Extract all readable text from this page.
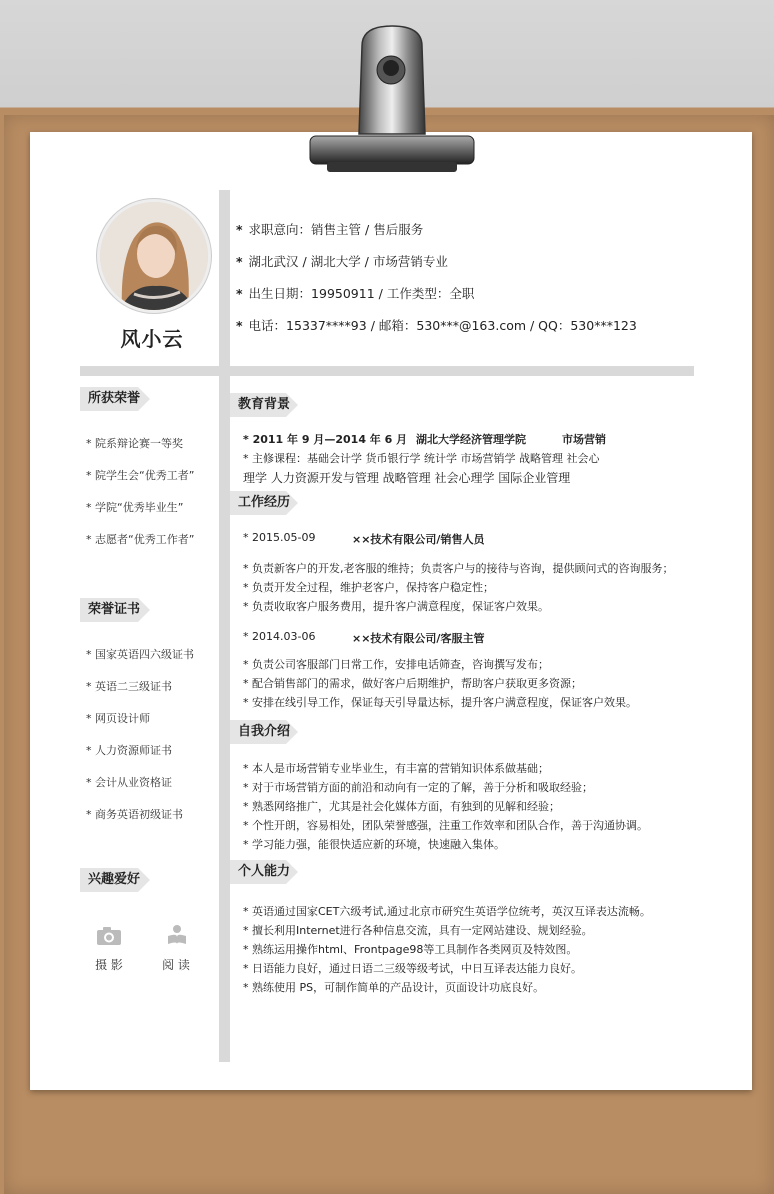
风小云
* 求职意向：销售主管 / 售后服务
* 湖北武汉 / 湖北大学 / 市场营销专业
* 出生日期：19950911 / 工作类型：全职
* 电话：15337****93 / 邮箱：530***@163.com / QQ：530***123
所获荣誉
* 院系辩论赛一等奖
* 院学生会“优秀工者”
* 学院“优秀毕业生”
* 志愿者“优秀工作者”
荣誉证书
* 国家英语四六级证书
* 英语二三级证书
* 网页设计师
* 人力资源师证书
* 会计从业资格证
* 商务英语初级证书
兴趣爱好
摄 影	阅 读
教育背景
* 2011 年 9 月—2014 年 6 月 湖北大学经济管理学院	市场营销
* 主修课程：基础会计学 货币银行学 统计学 市场营销学 战略管理 社会心
理学 人力资源开发与管理 战略管理 社会心理学 国际企业管理
工作经历
* 2015.05-09	××技术有限公司/销售人员
* 负责新客户的开发,老客服的维持；负责客户与的接待与咨询，提供顾问式的咨询服务；
* 负责开发全过程，维护老客户，保持客户稳定性；
* 负责收取客户服务费用，提升客户满意程度，保证客户效果。
* 2014.03-06	××技术有限公司/客服主管
* 负责公司客服部门日常工作，安排电话筛查，咨询撰写发布；
* 配合销售部门的需求，做好客户后期维护，帮助客户获取更多资源；
* 安排在线引导工作，保证每天引导量达标，提升客户满意程度，保证客户效果。
自我介绍
* 本人是市场营销专业毕业生，有丰富的营销知识体系做基础；
* 对于市场营销方面的前沿和动向有一定的了解，善于分析和吸取经验；
* 熟悉网络推广，尤其是社会化媒体方面，有独到的见解和经验；
* 个性开朗，容易相处，团队荣誉感强，注重工作效率和团队合作，善于沟通协调。
* 学习能力强，能很快适应新的环境，快速融入集体。
个人能力
* 英语通过国家CET六级考试,通过北京市研究生英语学位统考，英汉互译表达流畅。
* 擅长利用Internet进行各种信息交流，具有一定网站建设、规划经验。
* 熟练运用操作html、Frontpage98等工具制作各类网页及特效图。
* 日语能力良好，通过日语二三级等级考试，中日互译表达能力良好。
* 熟练使用 PS，可制作简单的产品设计，页面设计功底良好。
